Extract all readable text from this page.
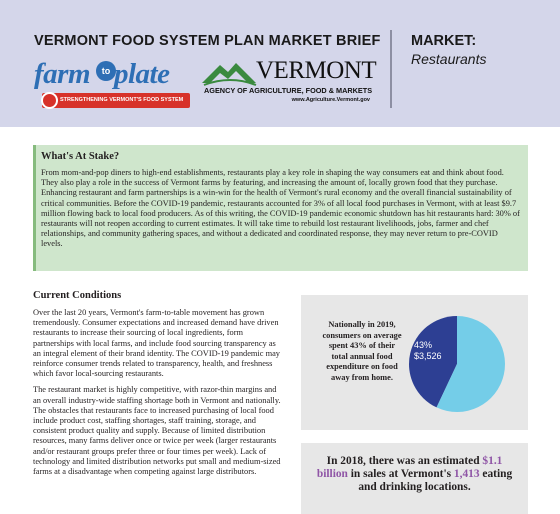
VERMONT FOOD SYSTEM PLAN MARKET BRIEF MARKET:
Restaurants
farm	to plate
STRENGTHENING VERMONT'S FOOD SYSTEM
VERMONT
AGENCY OF AGRICULTURE, FOOD & MARKETS
www.Agriculture.Vermont.gov
What's At Stake?
From mom-and-pop diners to high-end establishments, restaurants play a key role in shaping the way consumers eat and think about food. They also play a role in the success of Vermont farms by featuring, and increasing the amount of, locally grown food that they purchase. Enhancing restaurant and farm partnerships is a win-win for the health of Vermont's rural economy and the overall financial sustainability of critical communities. Before the COVID-19 pandemic, restaurants accounted for 3% of all local food purchases in Vermont, with at least $9.7 million flowing back to local food producers. As of this writing, the COVID-19 pandemic economic shutdown has hit restaurants hard: 30% of restaurants will not reopen according to current estimates. It will take time to rebuild lost restaurant livelihoods, jobs, farmer and chef relationships, and community gathering spaces, and without a dedicated and coordinated response, they may never return to pre-COVID levels.
Current Conditions

Over the last 20 years, Vermont's farm-to-table movement has grown tremendously. Consumer expectations and increased demand have driven restaurants to increase their sourcing of local ingredients, form partnerships with local farms, and include food sourcing transparency as an integral element of their brand identity. The COVID-19 pandemic may reinforce consumer trends related to transparency, health, and freshness which favor local-sourcing restaurants.

The restaurant market is highly competitive, with razor-thin margins and an overall industry-wide staffing shortage both in Vermont and nationally. The obstacles that restaurants face to increased purchasing of local food include product cost, staffing shortages, staff training, storage, and consistent product quality and supply. Because of limited distribution resources, many farms deliver once or twice per week (larger restaurants and/or restaurant groups prefer three or four times per week). Lack of technology and limited distribution networks put small and medium-sized farms at a disadvantage when competing against large distributors.

Nationally in 2019, consumers on average spent 43% of their total annual food expenditure on food away from home.
43%
$3,526
In 2018, there was an estimated $1.1 billion in sales at Vermont's 1,413 eating and drinking locations.
